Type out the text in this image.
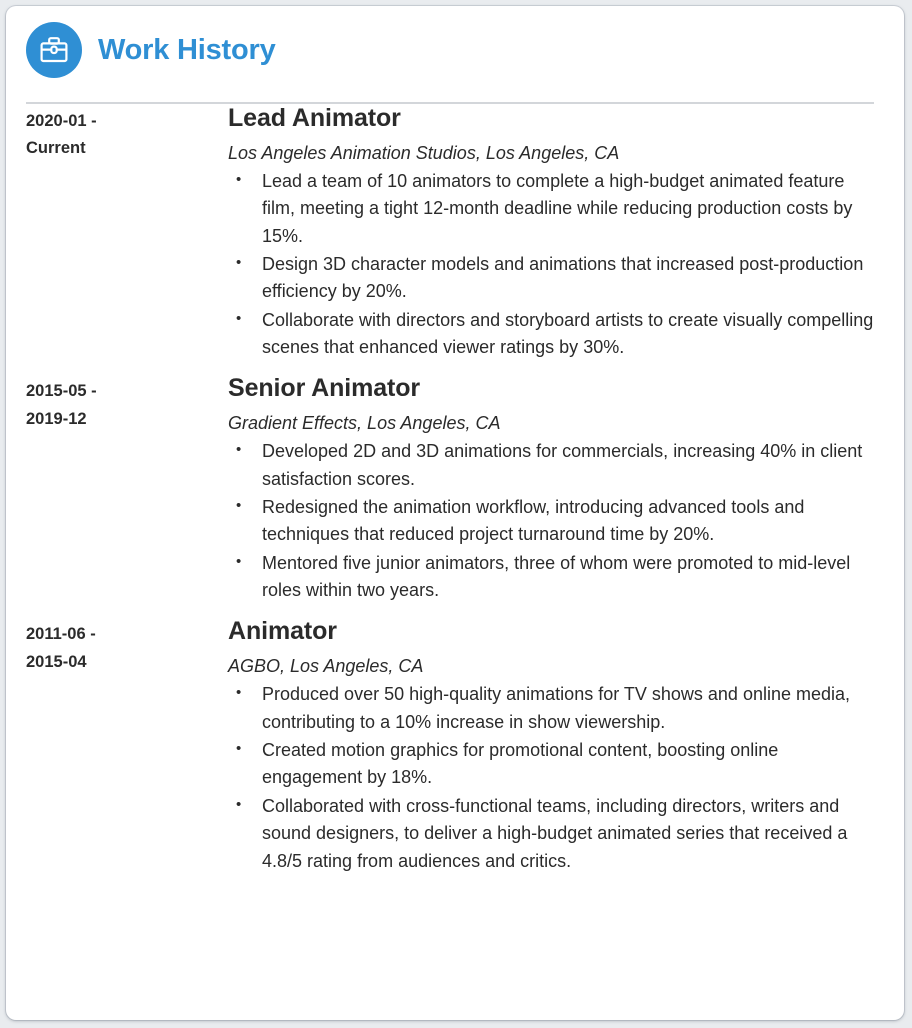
Work History
2020-01 -
Current
Lead Animator
Los Angeles Animation Studios, Los Angeles, CA
• Lead a team of 10 animators to complete a high-budget animated feature film, meeting a tight 12-month deadline while reducing production costs by 15%.
• Design 3D character models and animations that increased post-production efficiency by 20%.
• Collaborate with directors and storyboard artists to create visually compelling scenes that enhanced viewer ratings by 30%.
2015-05 -
2019-12
Senior Animator
Gradient Effects, Los Angeles, CA
• Developed 2D and 3D animations for commercials, increasing 40% in client satisfaction scores.
• Redesigned the animation workflow, introducing advanced tools and techniques that reduced project turnaround time by 20%.
• Mentored five junior animators, three of whom were promoted to mid-level roles within two years.
2011-06 -
2015-04
Animator
AGBO, Los Angeles, CA
• Produced over 50 high-quality animations for TV shows and online media, contributing to a 10% increase in show viewership.
• Created motion graphics for promotional content, boosting online engagement by 18%.
• Collaborated with cross-functional teams, including directors, writers and sound designers, to deliver a high-budget animated series that received a 4.8/5 rating from audiences and critics.
